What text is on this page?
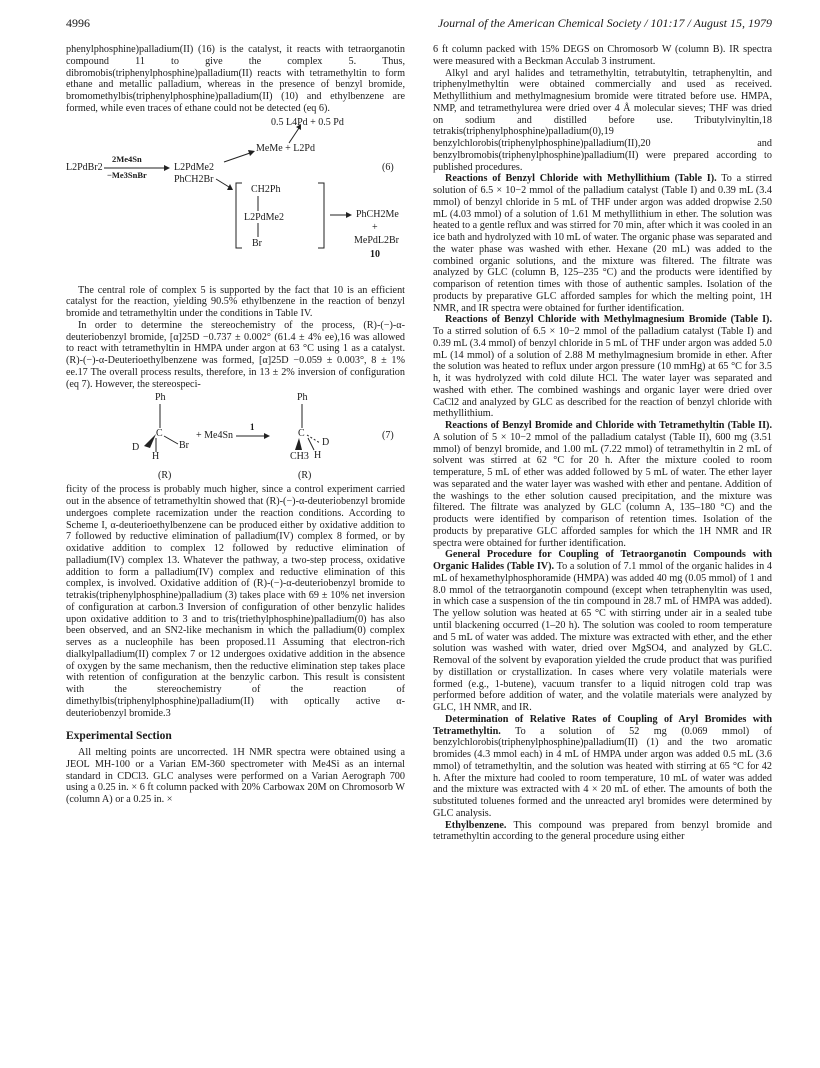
4996	Journal of the American Chemical Society / 101:17 / August 15, 1979

phenylphosphine)palladium(II) (16) is the catalyst, it reacts with tetraorganotin compound 11 to give the complex 5. Thus, dibromobis(triphenylphosphine)palladium(II) reacts with tetramethyltin to form ethane and metallic palladium, whereas in the presence of benzyl bromide, bromomethylbis(triphenylphosphine)palladium(II) (10) and ethylbenzene are formed, while even traces of ethane could not be detected (eq 6).

0.5 L4Pd + 0.5 Pd
MeMe + L2Pd
L2PdBr2
2Me4Sn
−Me3SnBr
L2PdMe2	(6)
PhCH2Br
CH2Ph
L2PdMe2
Br
PhCH2Me
+
MePdL2Br
10

The central role of complex 5 is supported by the fact that 10 is an efficient catalyst for the reaction, yielding 90.5% ethylbenzene in the reaction of benzyl bromide and tetramethyltin under the conditions in Table IV.

In order to determine the stereochemistry of the process, (R)-(−)-α-deuteriobenzyl bromide, [α]25D −0.737 ± 0.002° (61.4 ± 4% ee),16 was allowed to react with tetramethyltin in HMPA under argon at 63 °C using 1 as a catalyst. (R)-(−)-α-Deuterioethylbenzene was formed, [α]25D −0.059 ± 0.003°, 8 ± 1% ee.17 The overall process results, therefore, in 13 ± 2% inversion of configuration (eq 7). However, the stereospeci-

Ph
C
D	Br
H
+ Me4Sn
1
Ph
C
D
CH3 H
(7)
(R)	(R)

ficity of the process is probably much higher, since a control experiment carried out in the absence of tetramethyltin showed that (R)-(−)-α-deuteriobenzyl bromide undergoes complete racemization under the reaction conditions. According to Scheme I, α-deuterioethylbenzene can be produced either by oxidative addition to 7 followed by reductive elimination of palladium(IV) complex 8 formed, or by oxidative addition to complex 12 followed by reductive elimination of palladium(IV) complex 13. Whatever the pathway, a two-step process, oxidative addition to form a palladium(IV) complex and reductive elimination of this complex, is involved. Oxidative addition of (R)-(−)-α-deuteriobenzyl bromide to tetrakis(triphenylphosphine)palladium (3) takes place with 69 ± 10% net inversion of configuration at carbon.3 Inversion of configuration of other benzylic halides upon oxidative addition to 3 and to tris(triethylphosphine)palladium(0) has also been observed, and an SN2-like mechanism in which the palladium(0) complex serves as a nucleophile has been proposed.11 Assuming that electron-rich dialkylpalladium(II) complex 7 or 12 undergoes oxidative addition in the absence of oxygen by the same mechanism, then the reductive elimination step takes place with retention of configuration at the benzylic carbon. This result is consistent with the stereochemistry of the reaction of dimethylbis(triphenylphosphine)palladium(II) with optically active α-deuteriobenzyl bromide.3

Experimental Section

All melting points are uncorrected. 1H NMR spectra were obtained using a JEOL MH-100 or a Varian EM-360 spectrometer with Me4Si as an internal standard in CDCl3. GLC analyses were performed on a Varian Aerograph 700 using a 0.25 in. × 6 ft column packed with 20% Carbowax 20M on Chromosorb W (column A) or a 0.25 in. ×

6 ft column packed with 15% DEGS on Chromosorb W (column B). IR spectra were measured with a Beckman Acculab 3 instrument.

Alkyl and aryl halides and tetramethyltin, tetrabutyltin, tetraphenyltin, and triphenylmethyltin were obtained commercially and used as received. Methyllithium and methylmagnesium bromide were titrated before use. HMPA, NMP, and tetramethylurea were dried over 4 Å molecular sieves; THF was dried on sodium and distilled before use. Tributylvinyltin,18 tetrakis(triphenylphosphine)palladium(0),19 benzylchlorobis(triphenylphosphine)palladium(II),20 and benzylbromobis(triphenylphosphine)palladium(II) were prepared according to published procedures.

Reactions of Benzyl Chloride with Methyllithium (Table I). To a stirred solution of 6.5 × 10−2 mmol of the palladium catalyst (Table I) and 0.39 mL (3.4 mmol) of benzyl chloride in 5 mL of THF under argon was added dropwise 2.50 mL (4.03 mmol) of a solution of 1.61 M methyllithium in ether. The solution was heated to a gentle reflux and was stirred for 70 min, after which it was cooled in an ice bath and hydrolyzed with 10 mL of water. The organic phase was separated and the water phase was washed with ether. Hexane (20 mL) was added to the combined organic solutions, and the mixture was filtered. The filtrate was analyzed by GLC (column B, 125–235 °C) and the products were identified by comparison of retention times with those of authentic samples. Isolation of the products by preparative GLC afforded samples for which the melting point, 1H NMR, and IR spectra were obtained for further identification.

Reactions of Benzyl Chloride with Methylmagnesium Bromide (Table I). To a stirred solution of 6.5 × 10−2 mmol of the palladium catalyst (Table I) and 0.39 mL (3.4 mmol) of benzyl chloride in 5 mL of THF under argon was added 5.0 mL (14 mmol) of a solution of 2.88 M methylmagnesium bromide in ether. After the solution was heated to reflux under argon pressure (10 mmHg) at 65 °C for 3.5 h, it was hydrolyzed with cold dilute HCl. The water layer was separated and washed with ether. The combined washings and organic layer were dried over CaCl2 and analyzed by GLC as described for the reaction of benzyl chloride with methyllithium.

Reactions of Benzyl Bromide and Chloride with Tetramethyltin (Table II). A solution of 5 × 10−2 mmol of the palladium catalyst (Table II), 600 mg (3.51 mmol) of benzyl bromide, and 1.00 mL (7.22 mmol) of tetramethyltin in 2 mL of solvent was stirred at 62 °C for 20 h. After the mixture cooled to room temperature, 5 mL of ether was added followed by 5 mL of water. The ether layer was separated and the water layer was washed with ether and pentane. Addition of the washings to the ether solution caused precipitation, and the mixture was filtered. The filtrate was analyzed by GLC (column A, 135–180 °C) and the products were identified by comparison of retention times. Isolation of the products by preparative GLC afforded samples for which the 1H NMR and IR spectra were obtained for further identification.

General Procedure for Coupling of Tetraorganotin Compounds with Organic Halides (Table IV). To a solution of 7.1 mmol of the organic halides in 4 mL of hexamethylphosphoramide (HMPA) was added 40 mg (0.05 mmol) of 1 and 8.0 mmol of the tetraorganotin compound (except when tetraphenyltin was used, in which case a suspension of the tin compound in 28.7 mL of HMPA was added). The yellow solution was heated at 65 °C with stirring under air in a sealed tube until blackening occurred (1–20 h). The solution was cooled to room temperature and 5 mL of water was added. The mixture was extracted with ether, and the ether solution was washed with water, dried over MgSO4, and analyzed by GLC. Removal of the solvent by evaporation yielded the crude product that was purified by distillation or crystallization. In cases where very volatile materials were formed (e.g., 1-butene), vacuum transfer to a liquid nitrogen cold trap was performed before addition of water, and the volatile materials were analyzed by GLC, 1H NMR, and IR.

Determination of Relative Rates of Coupling of Aryl Bromides with Tetramethyltin. To a solution of 52 mg (0.069 mmol) of benzylchlorobis(triphenylphosphine)palladium(II) (1) and the two aromatic bromides (4.3 mmol each) in 4 mL of HMPA under argon was added 0.5 mL (3.6 mmol) of tetramethyltin, and the solution was heated with stirring at 65 °C for 42 h. After the mixture had cooled to room temperature, 10 mL of water was added and the mixture was extracted with 4 × 20 mL of ether. The amounts of both the substituted toluenes formed and the unreacted aryl bromides were determined by GLC analysis.

Ethylbenzene. This compound was prepared from benzyl bromide and tetramethyltin according to the general procedure using either
